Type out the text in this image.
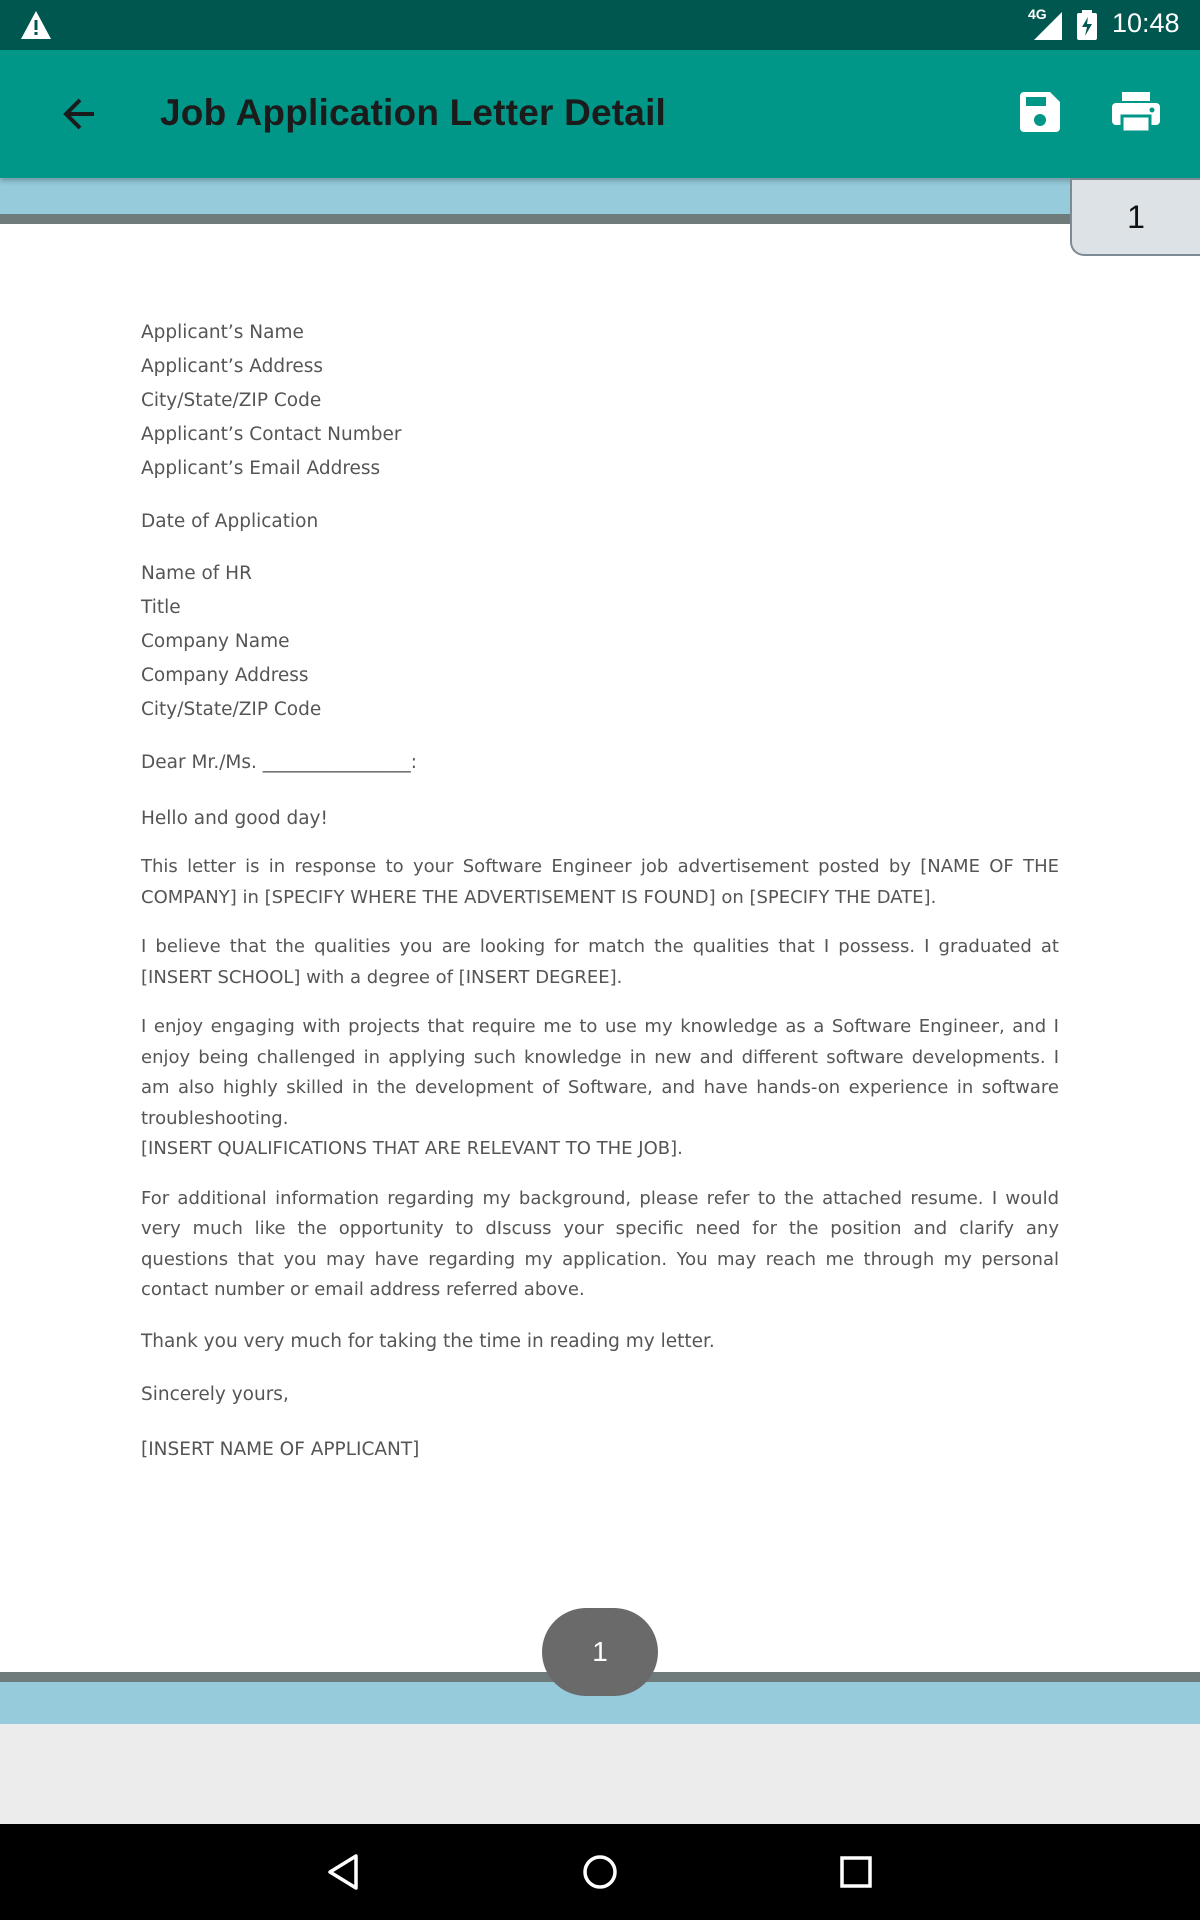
4G 10:48
Job Application Letter Detail
1
Applicant’s Name
Applicant’s Address
City/State/ZIP Code
Applicant’s Contact Number
Applicant’s Email Address
Date of Application
Name of HR
Title
Company Name
Company Address
City/State/ZIP Code
Dear Mr./Ms. ________________:
Hello and good day!
This letter is in response to your Software Engineer job advertisement posted by [NAME OF THE COMPANY] in [SPECIFY WHERE THE ADVERTISEMENT IS FOUND] on [SPECIFY THE DATE].
I believe that the qualities you are looking for match the qualities that I possess. I graduated at [INSERT SCHOOL] with a degree of [INSERT DEGREE].
I enjoy engaging with projects that require me to use my knowledge as a Software Engineer, and I enjoy being challenged in applying such knowledge in new and different software developments. I am also highly skilled in the development of Software, and have hands-on experience in software troubleshooting.
[INSERT QUALIFICATIONS THAT ARE RELEVANT TO THE JOB].
For additional information regarding my background, please refer to the attached resume. I would very much like the opportunity to dIscuss your specific need for the position and clarify any questions that you may have regarding my application. You may reach me through my personal contact number or email address referred above.
Thank you very much for taking the time in reading my letter.
Sincerely yours,
[INSERT NAME OF APPLICANT]
1
